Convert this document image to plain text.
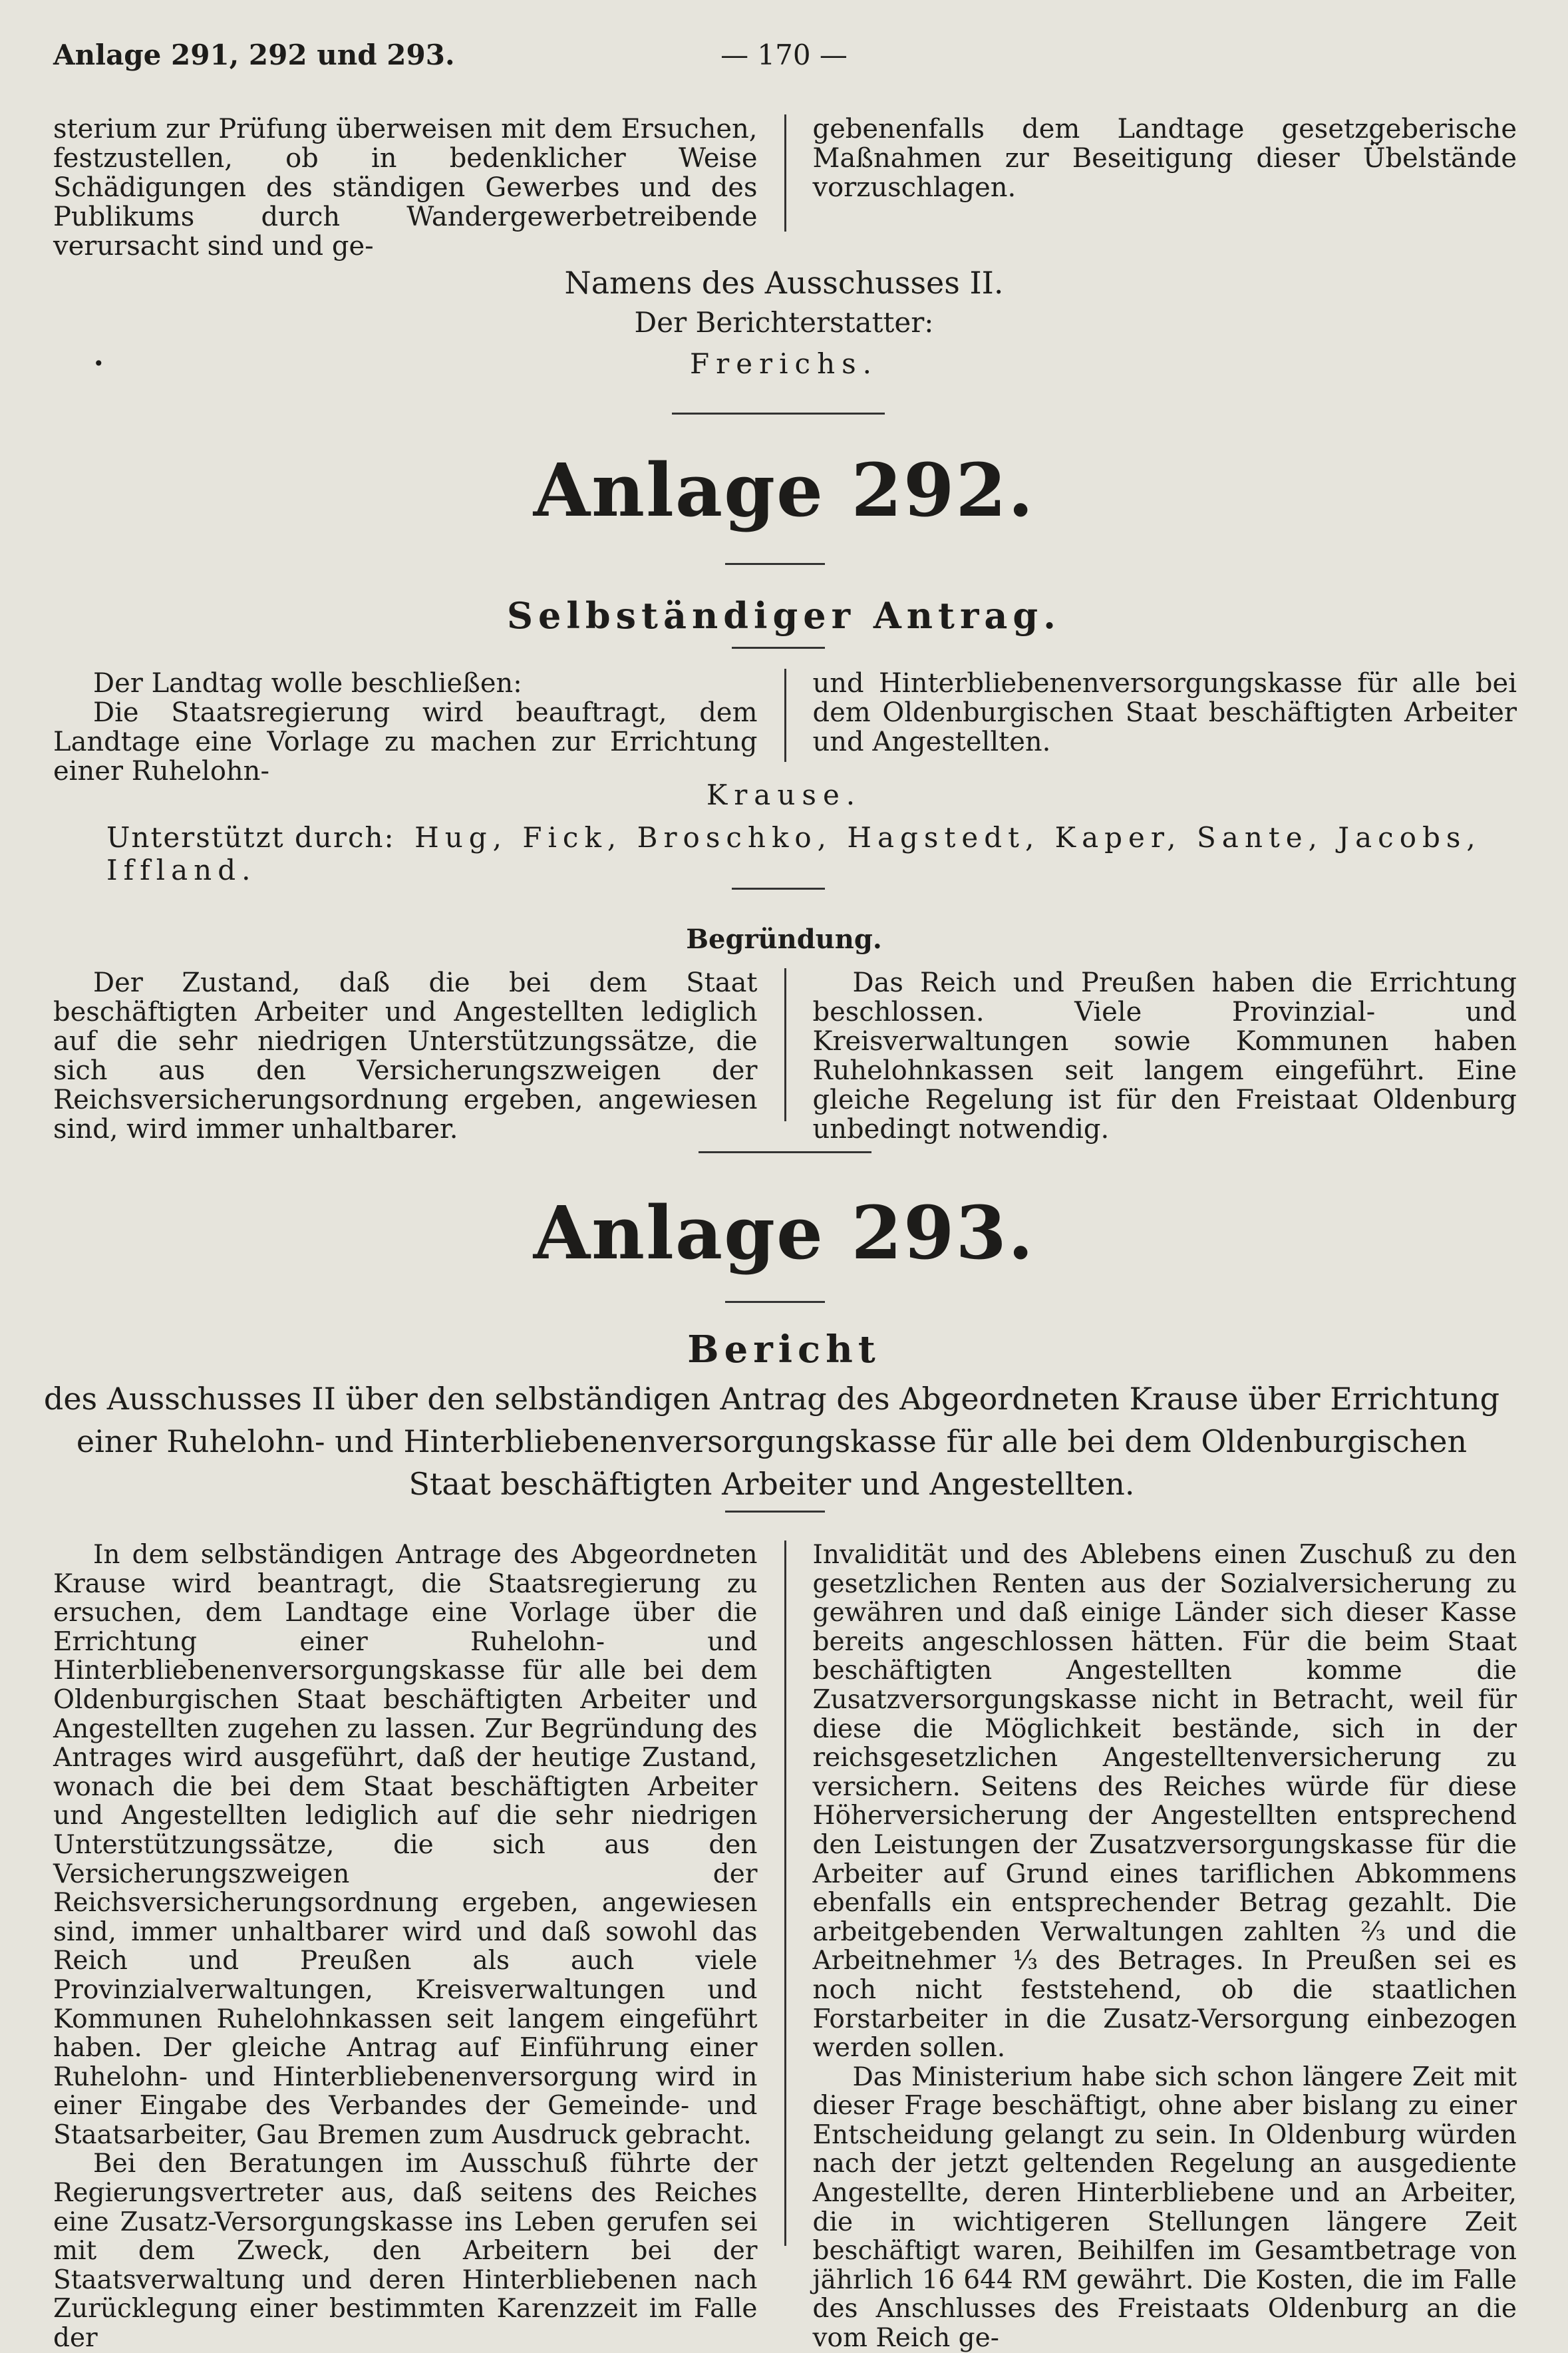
Anlage 291, 292 und 293.	— 170 —

sterium zur Prüfung überweisen mit dem Ersuchen, festzustellen, ob in bedenklicher Weise Schädigungen des ständigen Gewerbes und des Publikums durch Wandergewerbetreibende verursacht sind und ge-

gebenenfalls dem Landtage gesetzgeberische Maßnahmen zur Beseitigung dieser Übelstände vorzuschlagen.

Namens des Ausschusses II.
Der Berichterstatter:
Frerichs.
•
Anlage 292.
Selbständiger Antrag.

Der Landtag wolle beschließen:

Die Staatsregierung wird beauftragt, dem Landtage eine Vorlage zu machen zur Errichtung einer Ruhelohn-

und Hinterbliebenenversorgungskasse für alle bei dem Oldenburgischen Staat beschäftigten Arbeiter und Angestellten.

Krause.
Unterstützt durch: Hug, Fick, Broschko, Hagstedt, Kaper, Sante, Jacobs, Iffland.
Begründung.

Der Zustand, daß die bei dem Staat beschäftigten Arbeiter und Angestellten lediglich auf die sehr niedrigen Unterstützungssätze, die sich aus den Versicherungszweigen der Reichsversicherungsordnung ergeben, angewiesen sind, wird immer unhaltbarer.

Das Reich und Preußen haben die Errichtung beschlossen. Viele Provinzial- und Kreisverwaltungen sowie Kommunen haben Ruhelohnkassen seit langem eingeführt. Eine gleiche Regelung ist für den Freistaat Oldenburg unbedingt notwendig.

Anlage 293.
Bericht
des Ausschusses II über den selbständigen Antrag des Abgeordneten Krause über Errichtung einer Ruhelohn- und Hinterbliebenenversorgungskasse für alle bei dem Oldenburgischen Staat beschäftigten Arbeiter und Angestellten.

In dem selbständigen Antrage des Abgeordneten Krause wird beantragt, die Staatsregierung zu ersuchen, dem Landtage eine Vorlage über die Errichtung einer Ruhelohn- und Hinterbliebenenversorgungskasse für alle bei dem Oldenburgischen Staat beschäftigten Arbeiter und Angestellten zugehen zu lassen. Zur Begründung des Antrages wird ausgeführt, daß der heutige Zustand, wonach die bei dem Staat beschäftigten Arbeiter und Angestellten lediglich auf die sehr niedrigen Unterstützungssätze, die sich aus den Versicherungszweigen der Reichsversicherungsordnung ergeben, angewiesen sind, immer unhaltbarer wird und daß sowohl das Reich und Preußen als auch viele Provinzialverwaltungen, Kreisverwaltungen und Kommunen Ruhelohnkassen seit langem eingeführt haben. Der gleiche Antrag auf Einführung einer Ruhelohn- und Hinterbliebenenversorgung wird in einer Eingabe des Verbandes der Gemeinde- und Staatsarbeiter, Gau Bremen zum Ausdruck gebracht.

Bei den Beratungen im Ausschuß führte der Regierungsvertreter aus, daß seitens des Reiches eine Zusatz-Versorgungskasse ins Leben gerufen sei mit dem Zweck, den Arbeitern bei der Staatsverwaltung und deren Hinterbliebenen nach Zurücklegung einer bestimmten Karenzzeit im Falle der

Invalidität und des Ablebens einen Zuschuß zu den gesetzlichen Renten aus der Sozialversicherung zu gewähren und daß einige Länder sich dieser Kasse bereits angeschlossen hätten. Für die beim Staat beschäftigten Angestellten komme die Zusatzversorgungskasse nicht in Betracht, weil für diese die Möglichkeit bestände, sich in der reichsgesetzlichen Angestelltenversicherung zu versichern. Seitens des Reiches würde für diese Höherversicherung der Angestellten entsprechend den Leistungen der Zusatzversorgungskasse für die Arbeiter auf Grund eines tariflichen Abkommens ebenfalls ein entsprechender Betrag gezahlt. Die arbeitgebenden Verwaltungen zahlten ⅔ und die Arbeitnehmer ⅓ des Betrages. In Preußen sei es noch nicht feststehend, ob die staatlichen Forstarbeiter in die Zusatz-Versorgung einbezogen werden sollen.

Das Ministerium habe sich schon längere Zeit mit dieser Frage beschäftigt, ohne aber bislang zu einer Entscheidung gelangt zu sein. In Oldenburg würden nach der jetzt geltenden Regelung an ausgediente Angestellte, deren Hinterbliebene und an Arbeiter, die in wichtigeren Stellungen längere Zeit beschäftigt waren, Beihilfen im Gesamtbetrage von jährlich 16 644 RM gewährt. Die Kosten, die im Falle des Anschlusses des Freistaats Oldenburg an die vom Reich ge-
